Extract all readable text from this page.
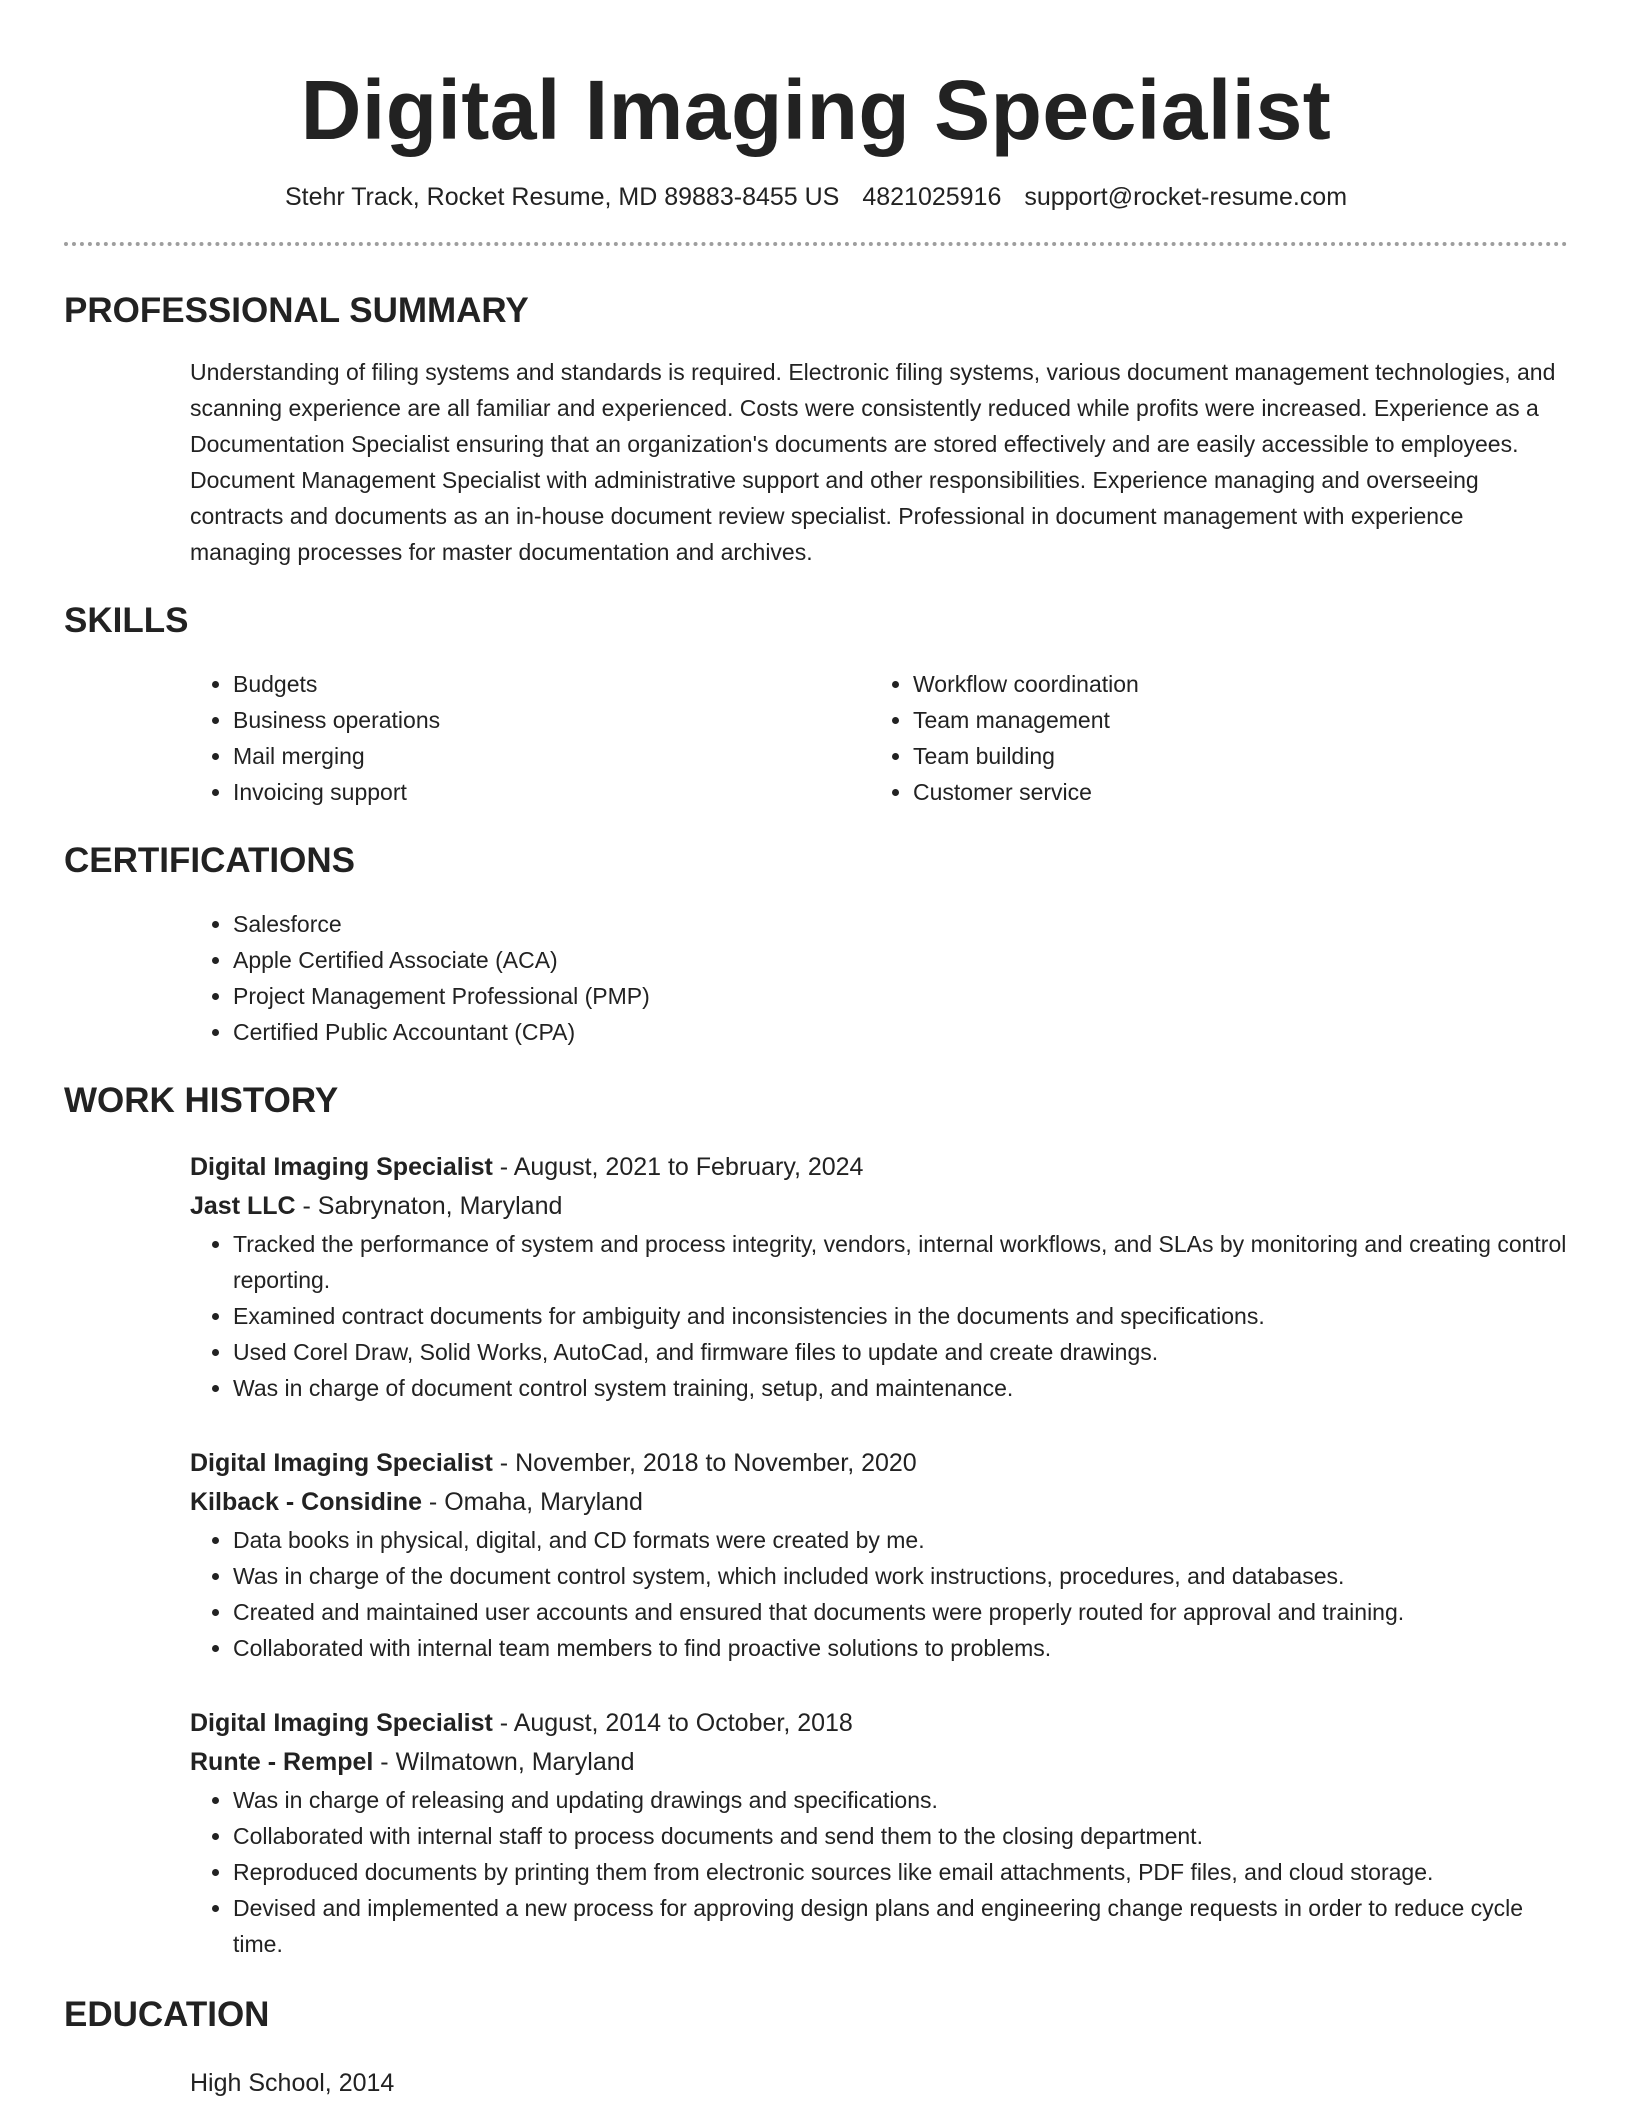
Digital Imaging Specialist
Stehr Track, Rocket Resume, MD 89883-8455 US 4821025916 support@rocket-resume.com
PROFESSIONAL SUMMARY
Understanding of filing systems and standards is required. Electronic filing systems, various document management technologies, and scanning experience are all familiar and experienced. Costs were consistently reduced while profits were increased. Experience as a Documentation Specialist ensuring that an organization's documents are stored effectively and are easily accessible to employees. Document Management Specialist with administrative support and other responsibilities. Experience managing and overseeing contracts and documents as an in-house document review specialist. Professional in document management with experience managing processes for master documentation and archives.
SKILLS
• Budgets
• Business operations
• Mail merging
• Invoicing support
• Workflow coordination
• Team management
• Team building
• Customer service
CERTIFICATIONS
• Salesforce
• Apple Certified Associate (ACA)
• Project Management Professional (PMP)
• Certified Public Accountant (CPA)
WORK HISTORY
Digital Imaging Specialist - August, 2021 to February, 2024
Jast LLC - Sabrynaton, Maryland
• Tracked the performance of system and process integrity, vendors, internal workflows, and SLAs by monitoring and creating control reporting.
• Examined contract documents for ambiguity and inconsistencies in the documents and specifications.
• Used Corel Draw, Solid Works, AutoCad, and firmware files to update and create drawings.
• Was in charge of document control system training, setup, and maintenance.
Digital Imaging Specialist - November, 2018 to November, 2020
Kilback - Considine - Omaha, Maryland
• Data books in physical, digital, and CD formats were created by me.
• Was in charge of the document control system, which included work instructions, procedures, and databases.
• Created and maintained user accounts and ensured that documents were properly routed for approval and training.
• Collaborated with internal team members to find proactive solutions to problems.
Digital Imaging Specialist - August, 2014 to October, 2018
Runte - Rempel - Wilmatown, Maryland
• Was in charge of releasing and updating drawings and specifications.
• Collaborated with internal staff to process documents and send them to the closing department.
• Reproduced documents by printing them from electronic sources like email attachments, PDF files, and cloud storage.
• Devised and implemented a new process for approving design plans and engineering change requests in order to reduce cycle time.
EDUCATION
High School, 2014
